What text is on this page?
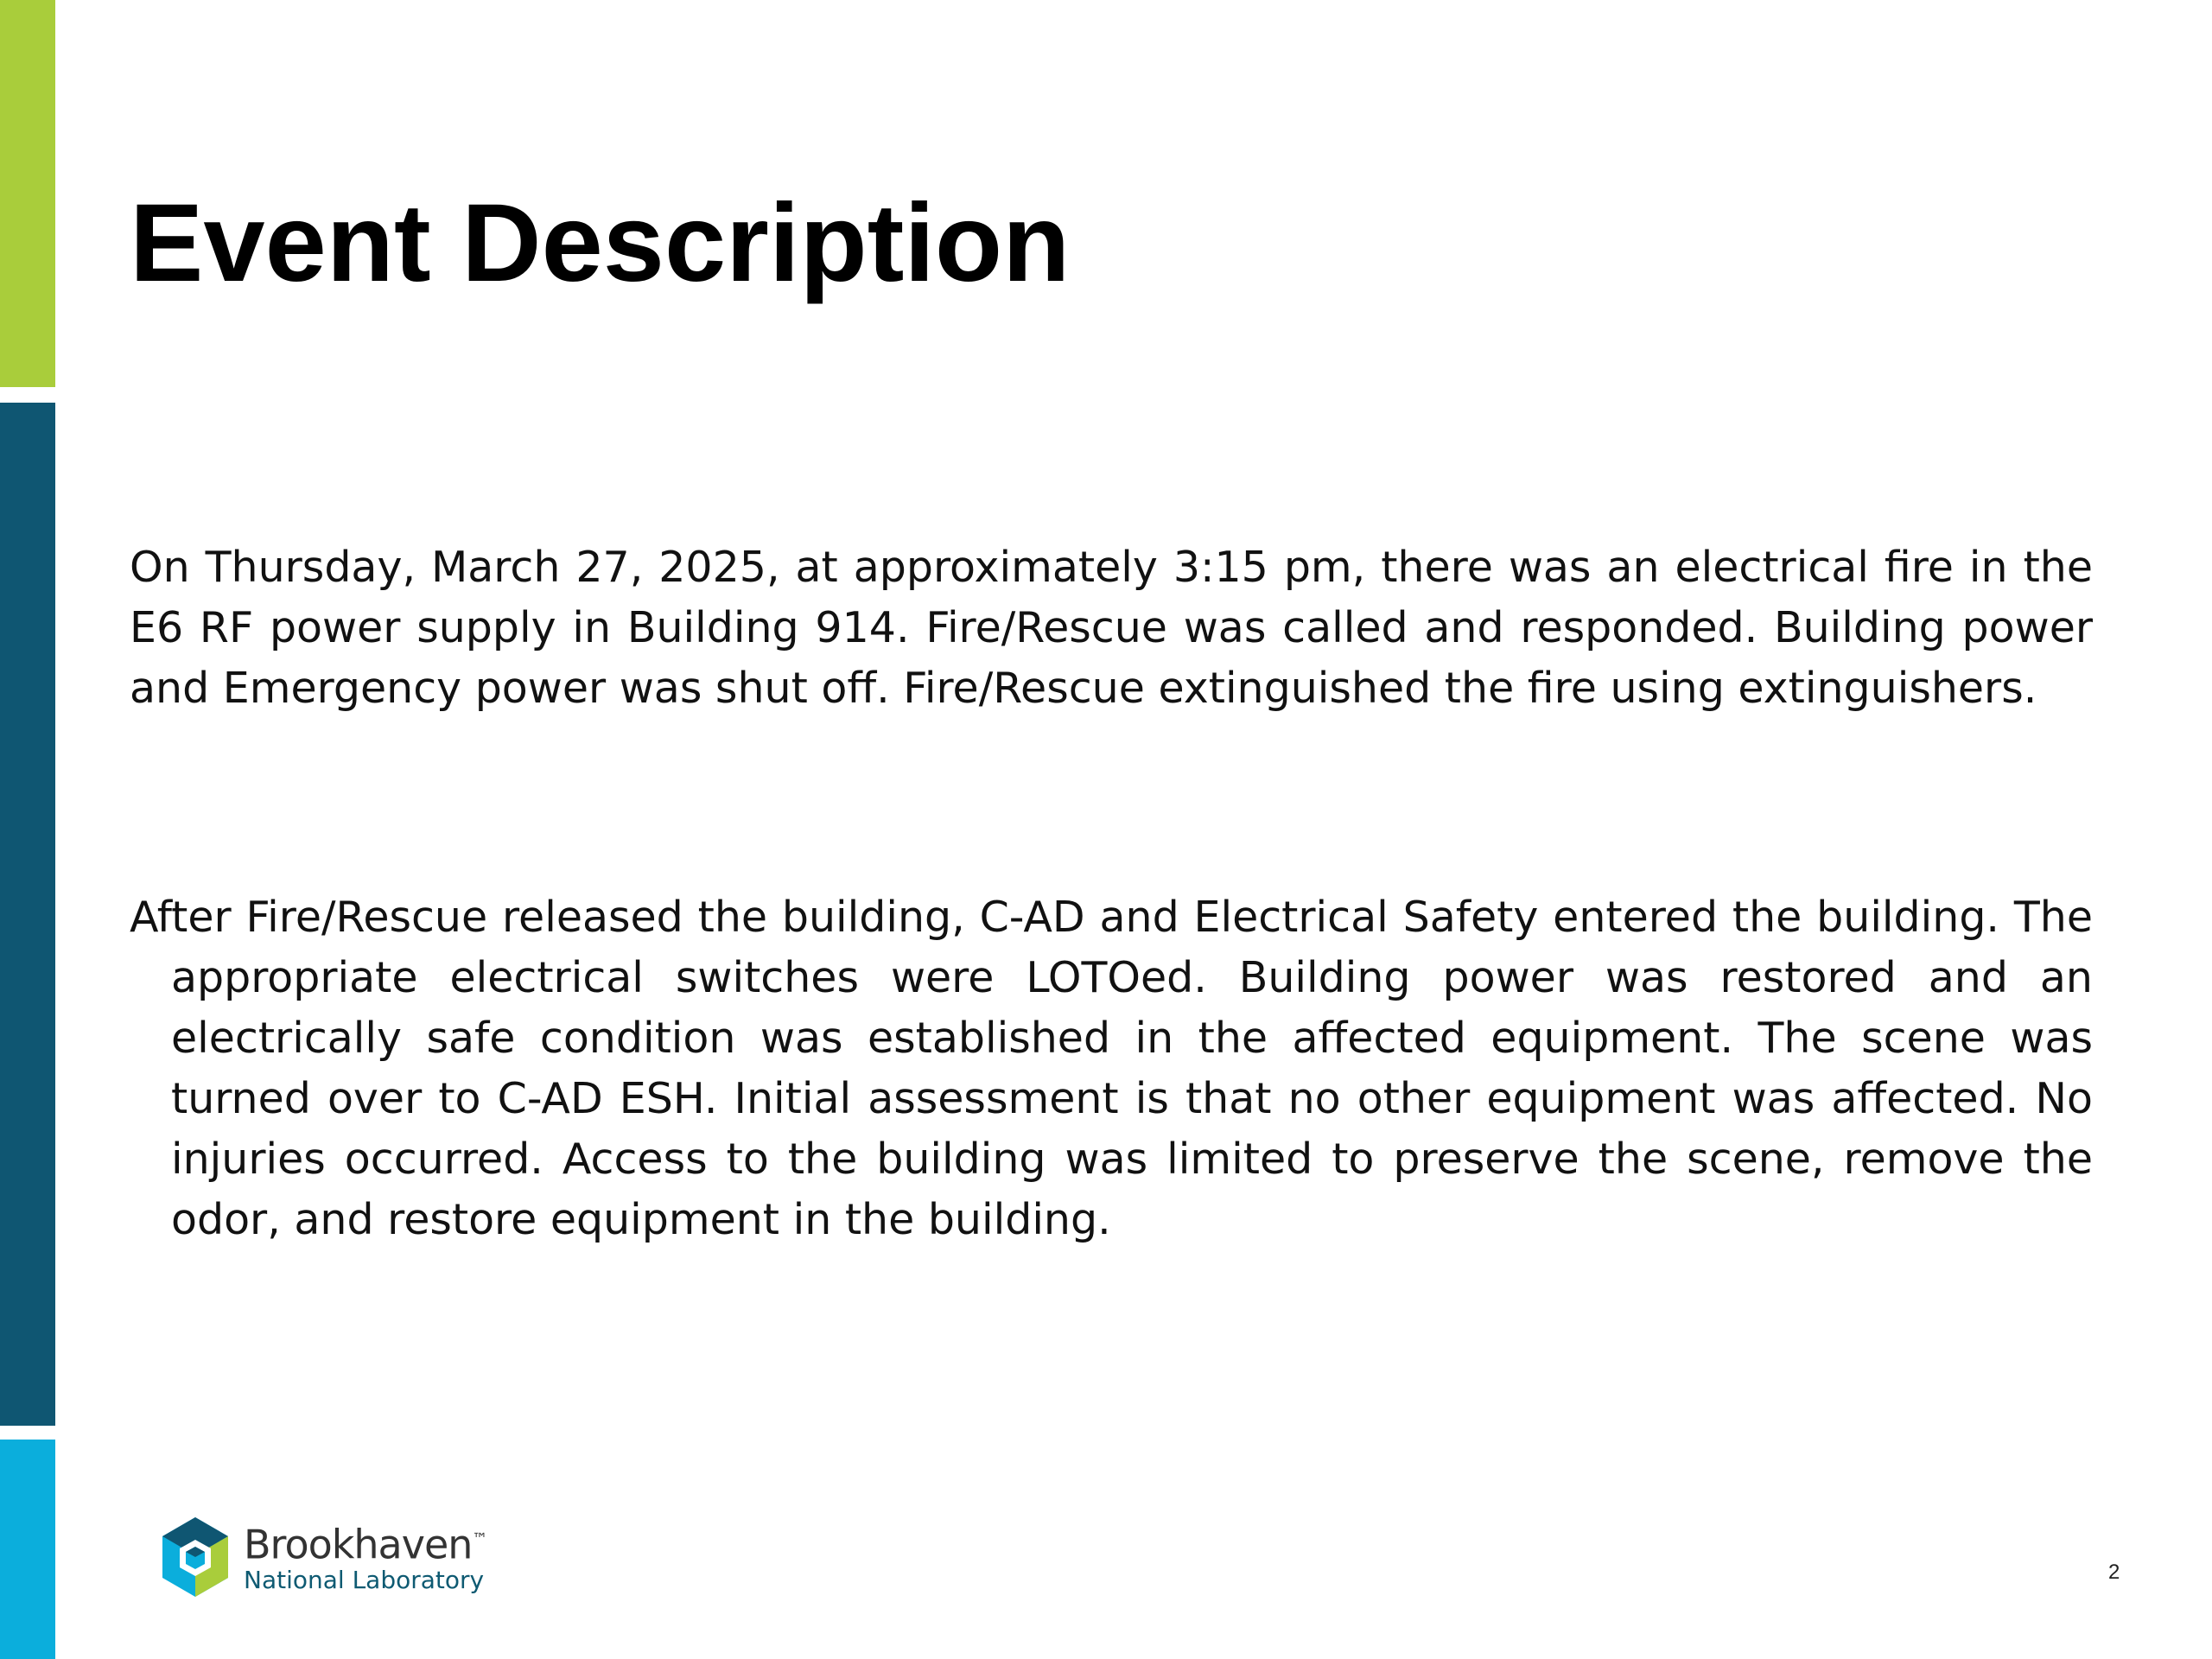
Event Description

On Thursday, March 27, 2025, at approximately 3:15 pm, there was an electrical fire in the E6 RF power supply in Building 914. Fire/Rescue was called and responded. Building power and Emergency power was shut off. Fire/Rescue extinguished the fire using extinguishers.

After Fire/Rescue released the building, C-AD and Electrical Safety entered the building. The appropriate electrical switches were LOTOed. Building power was restored and an electrically safe condition was established in the affected equipment. The scene was turned over to C-AD ESH. Initial assessment is that no other equipment was affected. No injuries occurred. Access to the building was limited to preserve the scene, remove the odor, and restore equipment in the building.

Brookhaven™
National Laboratory	2
